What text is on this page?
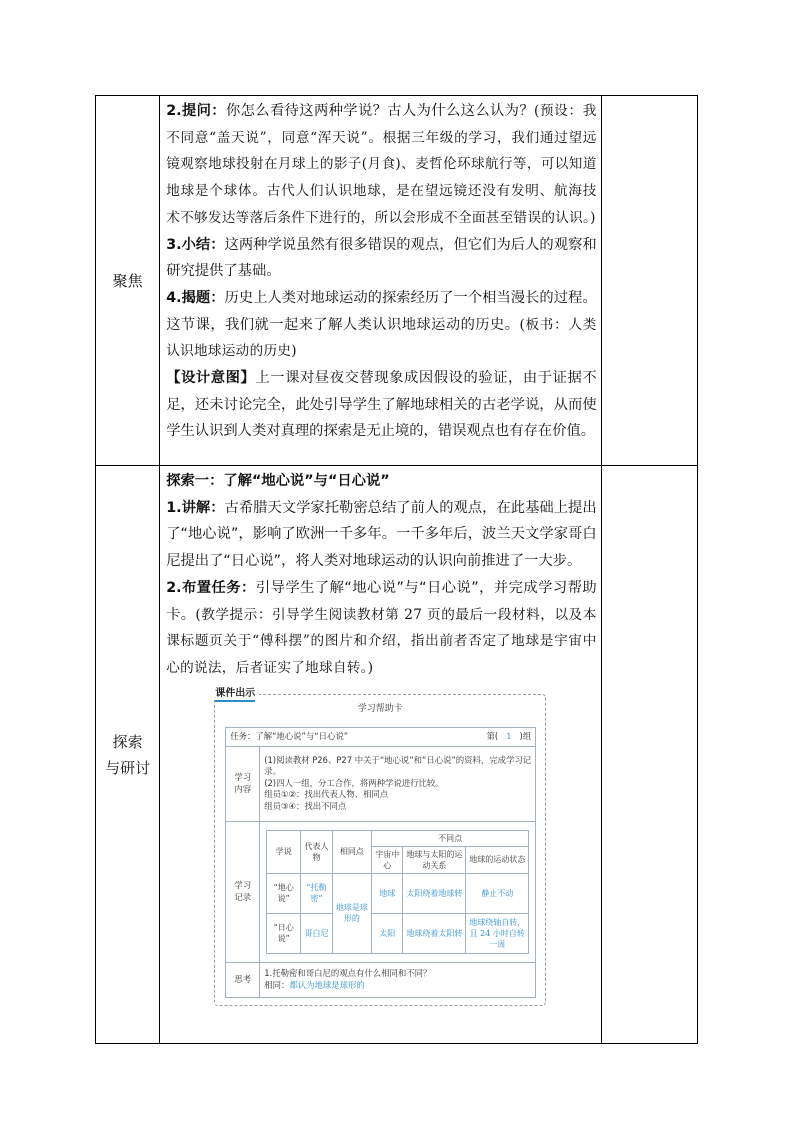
聚焦	

2.提问：你怎么看待这两种学说？古人为什么这么认为？(预设：我不同意“盖天说”，同意“浑天说”。根据三年级的学习，我们通过望远镜观察地球投射在月球上的影子(月食)、麦哲伦环球航行等，可以知道地球是个球体。古代人们认识地球，是在望远镜还没有发明、航海技术不够发达等落后条件下进行的，所以会形成不全面甚至错误的认识。)

3.小结：这两种学说虽然有很多错误的观点，但它们为后人的观察和研究提供了基础。

4.揭题：历史上人类对地球运动的探索经历了一个相当漫长的过程。这节课，我们就一起来了解人类认识地球运动的历史。(板书：人类认识地球运动的历史)

【设计意图】上一课对昼夜交替现象成因假设的验证，由于证据不足，还未讨论完全，此处引导学生了解地球相关的古老学说，从而使学生认识到人类对真理的探索是无止境的，错误观点也有存在价值。

探索
与研讨	

探索一：了解“地心说”与“日心说”

1.讲解：古希腊天文学家托勒密总结了前人的观点，在此基础上提出了“地心说”，影响了欧洲一千多年。一千多年后，波兰天文学家哥白尼提出了“日心说”，将人类对地球运动的认识向前推进了一大步。

2.布置任务：引导学生了解“地心说”与“日心说”，并完成学习帮助卡。(教学提示：引导学生阅读教材第 27 页的最后一段材料，以及本课标题页关于“傅科摆”的图片和介绍，指出前者否定了地球是宇宙中心的说法，后者证实了地球自转。)

课件出示
学习帮助卡
任务：了解“地心说”与“日心说”	第( 1 )组

学习内容	
(1)阅读教材 P26、P27 中关于“地心说”和“日心说”的资料，完成学习记录。
(2)四人一组，分工合作，将两种学说进行比较。
组员①②：找出代表人物、相同点
组员③④：找出不同点

学习记录	
学说	代表人物	相同点	不同点
宇宙中心	地球与太阳的运动关系	地球的运动状态
“地心说”	“托勒密”	地球是球形的	地球	太阳绕着地球转	静止不动
“日心说”	哥白尼	太阳	地球绕着太阳转	地球绕轴自转，且 24 小时自转一周

思考	
1.托勒密和哥白尼的观点有什么相同和不同？
相同：都认为地球是球形的
